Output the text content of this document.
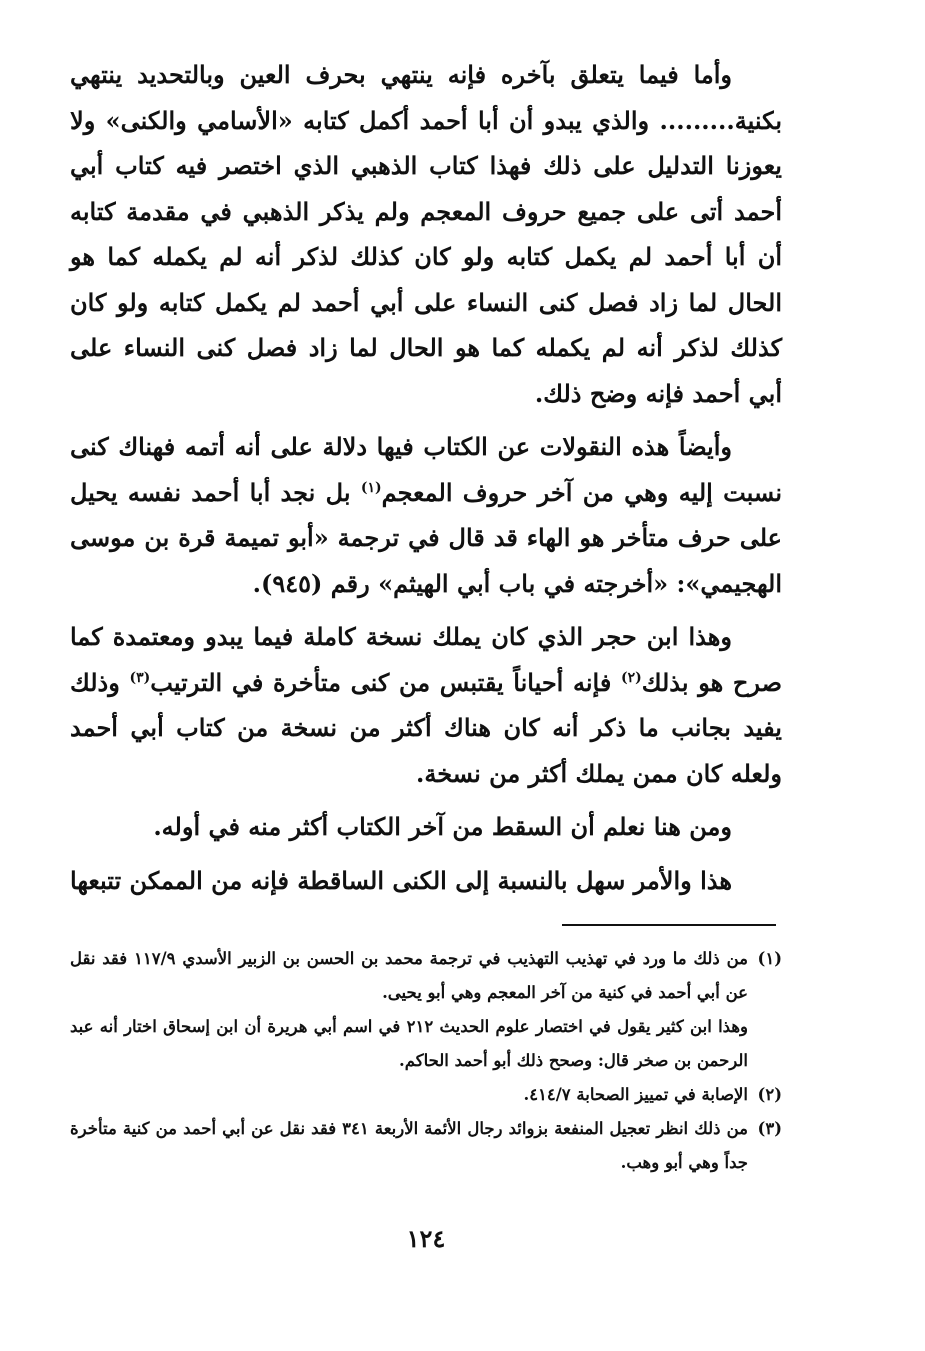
وأما فيما يتعلق بآخره فإنه ينتهي بحرف العين وبالتحديد ينتهي بكنية......... والذي يبدو أن أبا أحمد أكمل كتابه «الأسامي والكنى» ولا يعوزنا التدليل على ذلك فهذا كتاب الذهبي الذي اختصر فيه كتاب أبي أحمد أتى على جميع حروف المعجم ولم يذكر الذهبي في مقدمة كتابه أن أبا أحمد لم يكمل كتابه ولو كان كذلك لذكر أنه لم يكمله كما هو الحال لما زاد فصل كنى النساء على أبي أحمد لم يكمل كتابه ولو كان كذلك لذكر أنه لم يكمله كما هو الحال لما زاد فصل كنى النساء على أبي أحمد فإنه وضح ذلك.

وأيضاً هذه النقولات عن الكتاب فيها دلالة على أنه أتمه فهناك كنى نسبت إليه وهي من آخر حروف المعجم$^{(١)}$ بل نجد أبا أحمد نفسه يحيل على حرف متأخر هو الهاء قد قال في ترجمة «أبو تميمة قرة بن موسى الهجيمي»: «أخرجته في باب أبي الهيثم» رقم (٩٤٥).

وهذا ابن حجر الذي كان يملك نسخة كاملة فيما يبدو ومعتمدة كما صرح هو بذلك$^{(٢)}$ فإنه أحياناً يقتبس من كنى متأخرة في الترتيب$^{(٣)}$ وذلك يفيد بجانب ما ذكر أنه كان هناك أكثر من نسخة من كتاب أبي أحمد ولعله كان ممن يملك أكثر من نسخة.

ومن هنا نعلم أن السقط من آخر الكتاب أكثر منه في أوله.

هذا والأمر سهل بالنسبة إلى الكنى الساقطة فإنه من الممكن تتبعها

(١)
من ذلك ما ورد في تهذيب التهذيب في ترجمة محمد بن الحسن بن الزبير الأسدي ١١٧/٩ فقد نقل عن أبي أحمد في كنية من آخر المعجم وهي أبو يحيى.
وهذا ابن كثير يقول في اختصار علوم الحديث ٢١٢ في اسم أبي هريرة أن ابن إسحاق اختار أنه عبد الرحمن بن صخر قال: وصحح ذلك أبو أحمد الحاكم.
(٢)
الإصابة في تمييز الصحابة ٤١٤/٧.
(٣)
من ذلك انظر تعجيل المنفعة بزوائد رجال الأئمة الأربعة ٣٤١ فقد نقل عن أبي أحمد من كنية متأخرة جداً وهي أبو وهب.
١٢٤
